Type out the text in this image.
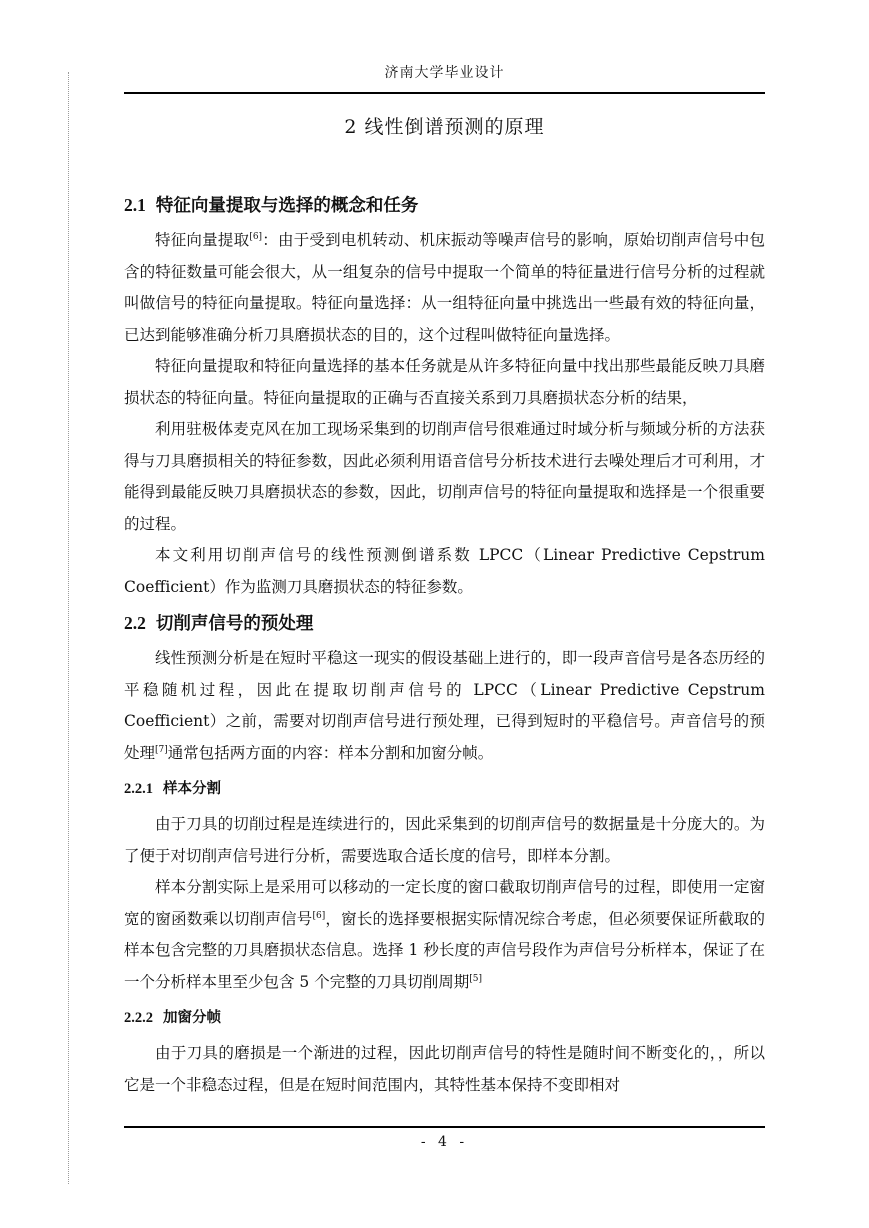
济南大学毕业设计
2 线性倒谱预测的原理
2.1 特征向量提取与选择的概念和任务

特征向量提取[6]：由于受到电机转动、机床振动等噪声信号的影响，原始切削声信号中包含的特征数量可能会很大，从一组复杂的信号中提取一个简单的特征量进行信号分析的过程就叫做信号的特征向量提取。特征向量选择：从一组特征向量中挑选出一些最有效的特征向量，已达到能够准确分析刀具磨损状态的目的，这个过程叫做特征向量选择。

特征向量提取和特征向量选择的基本任务就是从许多特征向量中找出那些最能反映刀具磨损状态的特征向量。特征向量提取的正确与否直接关系到刀具磨损状态分析的结果，

利用驻极体麦克风在加工现场采集到的切削声信号很难通过时域分析与频域分析的方法获得与刀具磨损相关的特征参数，因此必须利用语音信号分析技术进行去噪处理后才可利用，才能得到最能反映刀具磨损状态的参数，因此，切削声信号的特征向量提取和选择是一个很重要的过程。

本文利用切削声信号的线性预测倒谱系数 LPCC（Linear Predictive Cepstrum Coefficient）作为监测刀具磨损状态的特征参数。

2.2 切削声信号的预处理

线性预测分析是在短时平稳这一现实的假设基础上进行的，即一段声音信号是各态历经的平稳随机过程，因此在提取切削声信号的 LPCC（Linear Predictive Cepstrum Coefficient）之前，需要对切削声信号进行预处理，已得到短时的平稳信号。声音信号的预处理[7]通常包括两方面的内容：样本分割和加窗分帧。

2.2.1 样本分割

由于刀具的切削过程是连续进行的，因此采集到的切削声信号的数据量是十分庞大的。为了便于对切削声信号进行分析，需要选取合适长度的信号，即样本分割。

样本分割实际上是采用可以移动的一定长度的窗口截取切削声信号的过程，即使用一定窗宽的窗函数乘以切削声信号[6]，窗长的选择要根据实际情况综合考虑，但必须要保证所截取的样本包含完整的刀具磨损状态信息。选择 1 秒长度的声信号段作为声信号分析样本，保证了在一个分析样本里至少包含 5 个完整的刀具切削周期[5]

2.2.2 加窗分帧

由于刀具的磨损是一个渐进的过程，因此切削声信号的特性是随时间不断变化的，，所以它是一个非稳态过程，但是在短时间范围内，其特性基本保持不变即相对

- 4 -
